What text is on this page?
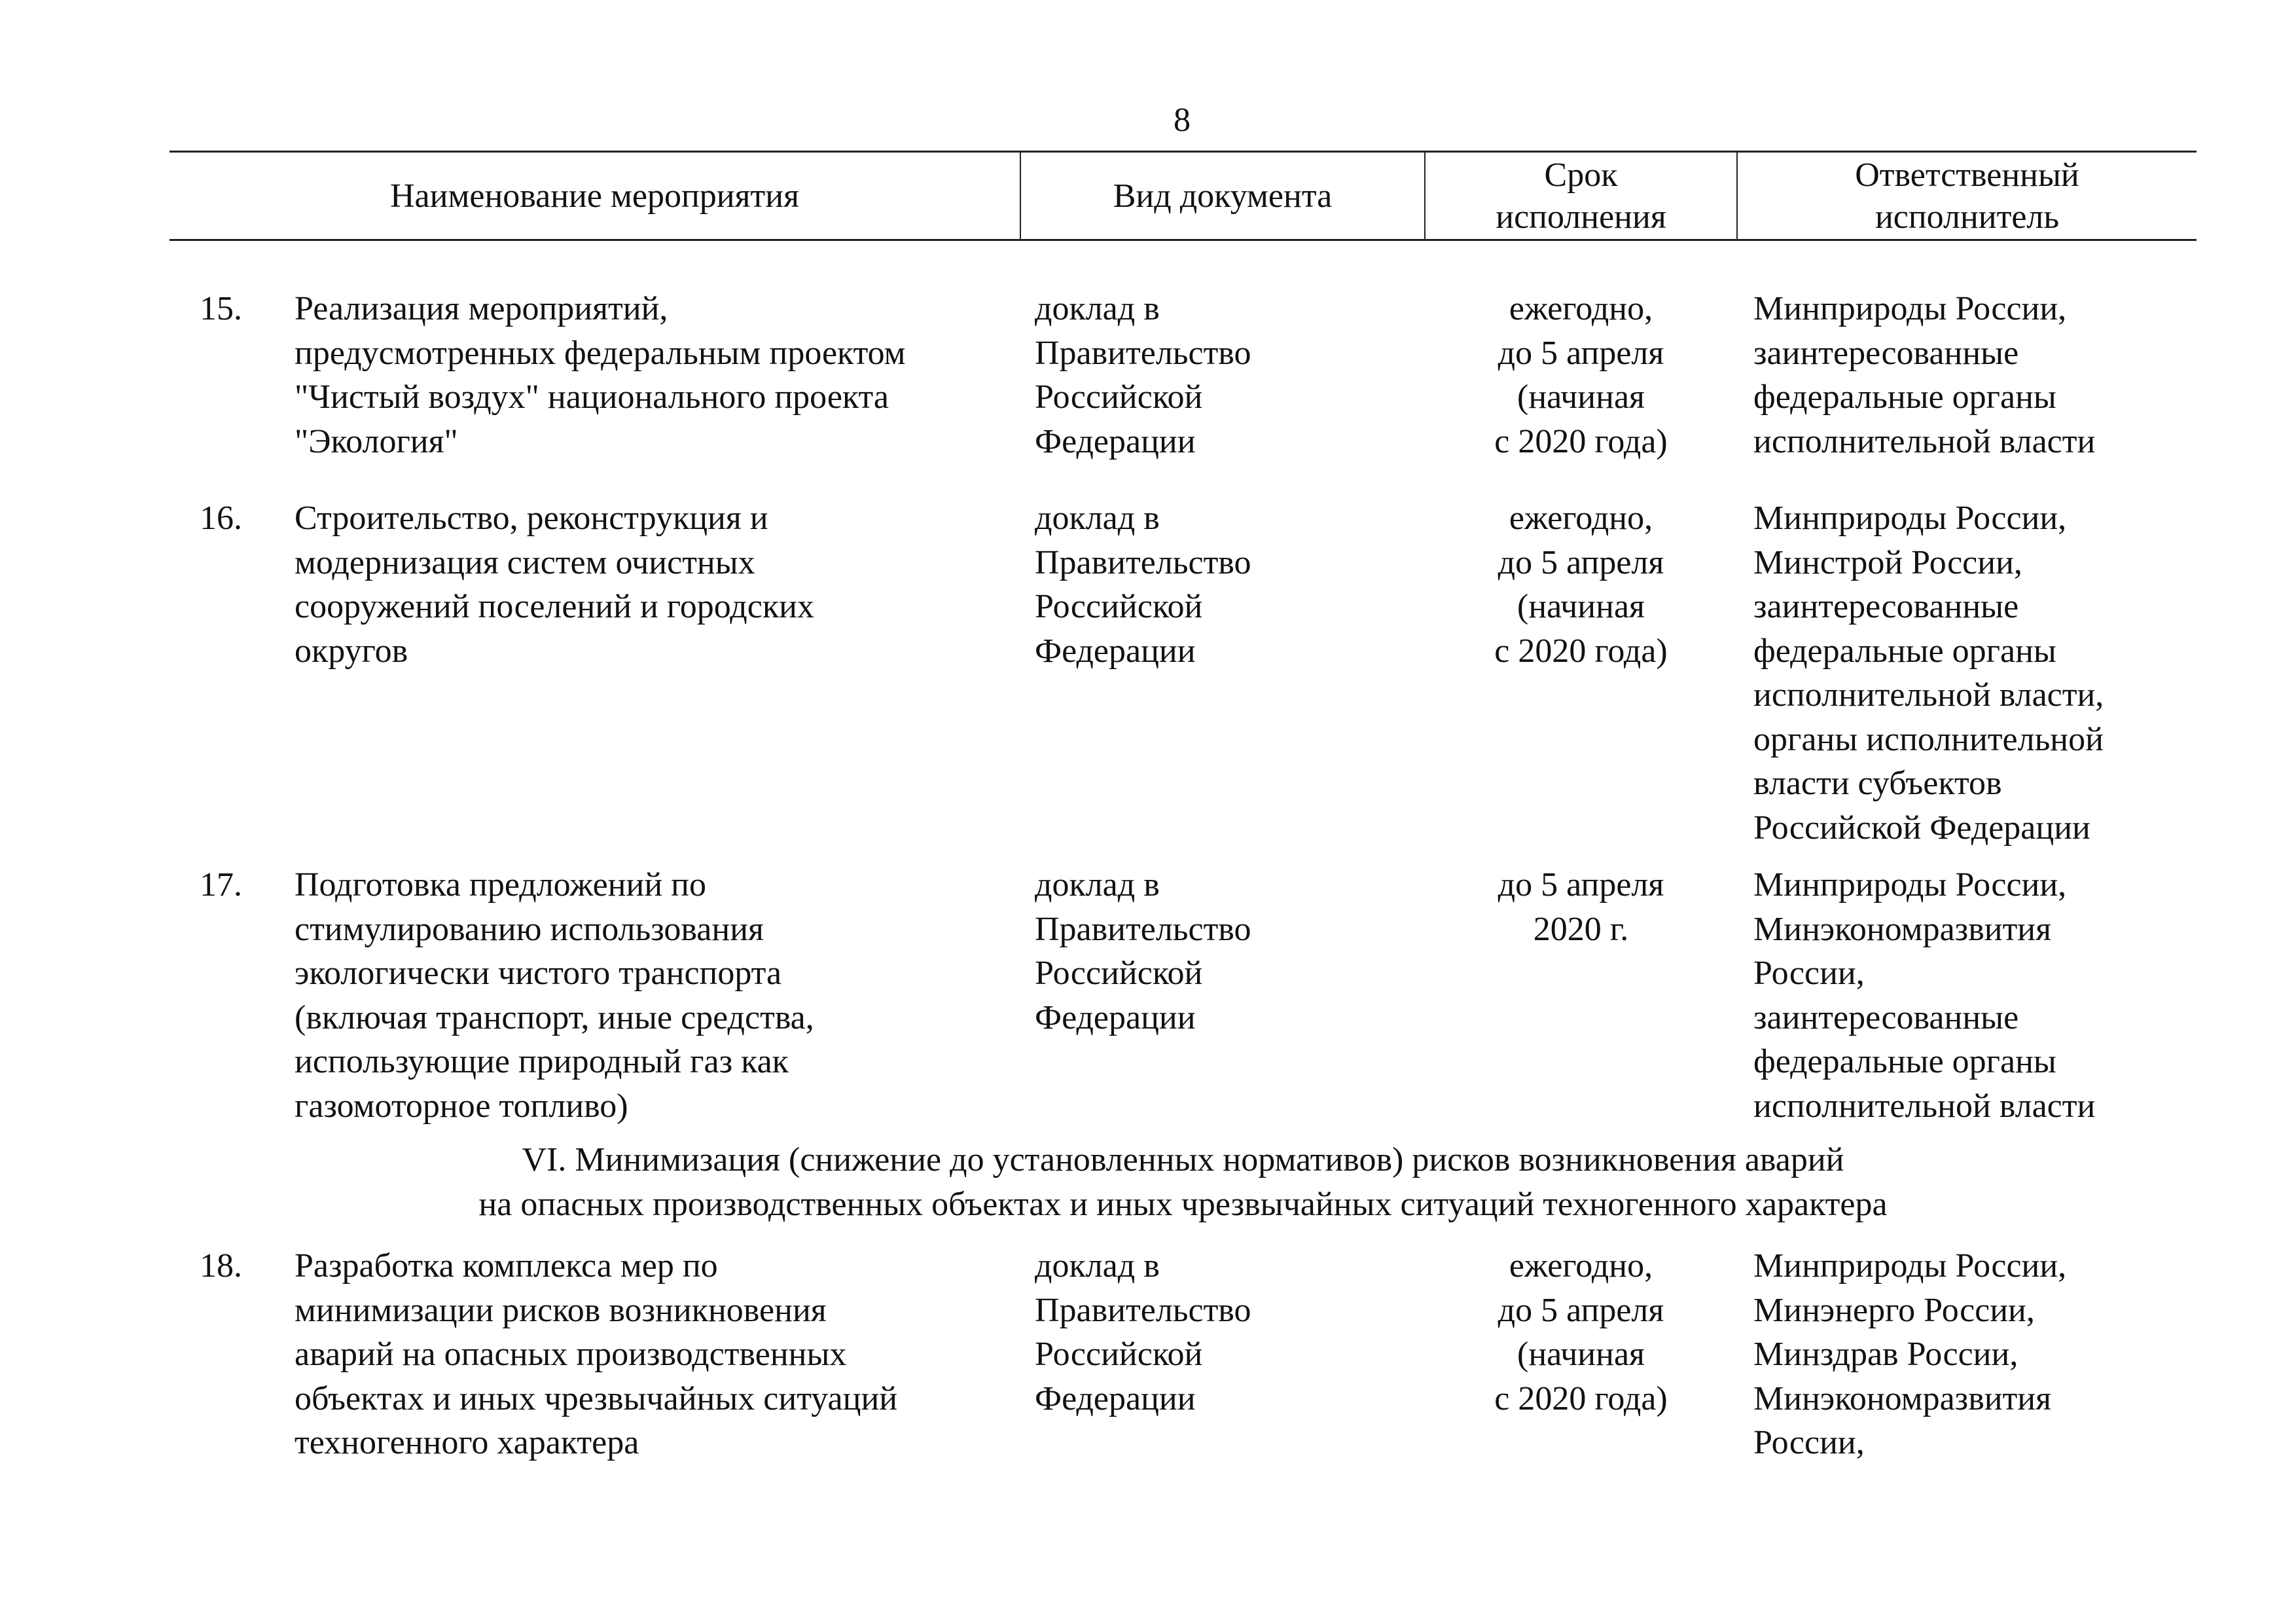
8
Наименование мероприятия	Вид документа
Срок
исполнения
Ответственный
исполнитель
15. Реализация мероприятий,
предусмотренных федеральным проектом
"Чистый воздух" национального проекта
"Экология"
доклад в
Правительство
Российской
Федерации
ежегодно,
до 5 апреля
(начиная
с 2020 года)
Минприроды России,
заинтересованные
федеральные органы
исполнительной власти
16. Строительство, реконструкция и
модернизация систем очистных
сооружений поселений и городских
округов
доклад в
Правительство
Российской
Федерации
ежегодно,
до 5 апреля
(начиная
с 2020 года)
Минприроды России,
Минстрой России,
заинтересованные
федеральные органы
исполнительной власти,
органы исполнительной
власти субъектов
Российской Федерации
17. Подготовка предложений по
стимулированию использования
экологически чистого транспорта
(включая транспорт, иные средства,
использующие природный газ как
газомоторное топливо)
доклад в
Правительство
Российской
Федерации
до 5 апреля
2020 г.
Минприроды России,
Минэкономразвития
России,
заинтересованные
федеральные органы
исполнительной власти
18. Разработка комплекса мер по
минимизации рисков возникновения
аварий на опасных производственных
объектах и иных чрезвычайных ситуаций
техногенного характера
доклад в
Правительство
Российской
Федерации
ежегодно,
до 5 апреля
(начиная
с 2020 года)
Минприроды России,
Минэнерго России,
Минздрав России,
Минэкономразвития
России,
VI. Минимизация (снижение до установленных нормативов) рисков возникновения аварий
на опасных производственных объектах и иных чрезвычайных ситуаций техногенного характера
